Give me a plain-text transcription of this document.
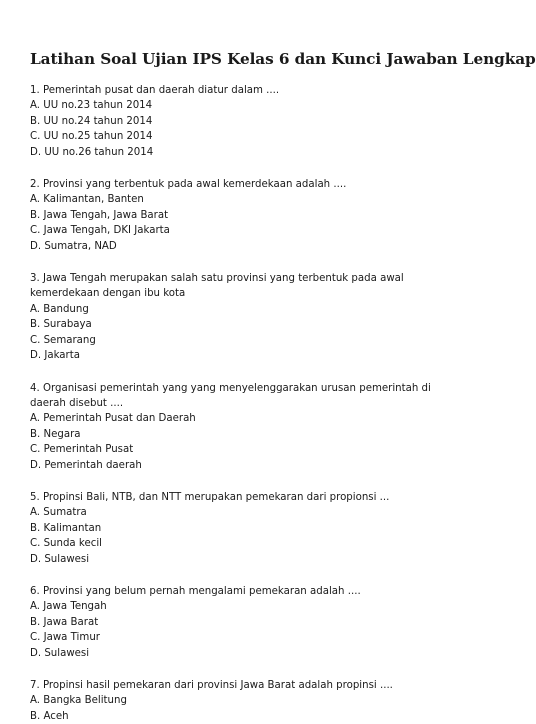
Latihan Soal Ujian IPS Kelas 6 dan Kunci Jawaban Lengkap
1. Pemerintah pusat dan daerah diatur dalam ....
A. UU no.23 tahun 2014
B. UU no.24 tahun 2014
C. UU no.25 tahun 2014
D. UU no.26 tahun 2014
2. Provinsi yang terbentuk pada awal kemerdekaan adalah ....
A. Kalimantan, Banten
B. Jawa Tengah, Jawa Barat
C. Jawa Tengah, DKI Jakarta
D. Sumatra, NAD
3. Jawa Tengah merupakan salah satu provinsi yang terbentuk pada awal kemerdekaan dengan ibu kota
A. Bandung
B. Surabaya
C. Semarang
D. Jakarta
4. Organisasi pemerintah yang yang menyelenggarakan urusan pemerintah di daerah disebut ....
A. Pemerintah Pusat dan Daerah
B. Negara
C. Pemerintah Pusat
D. Pemerintah daerah
5. Propinsi Bali, NTB, dan NTT merupakan pemekaran dari propionsi ...
A. Sumatra
B. Kalimantan
C. Sunda kecil
D. Sulawesi
6. Provinsi yang belum pernah mengalami pemekaran adalah ....
A. Jawa Tengah
B. Jawa Barat
C. Jawa Timur
D. Sulawesi
7. Propinsi hasil pemekaran dari provinsi Jawa Barat adalah propinsi ....
A. Bangka Belitung
B. Aceh
